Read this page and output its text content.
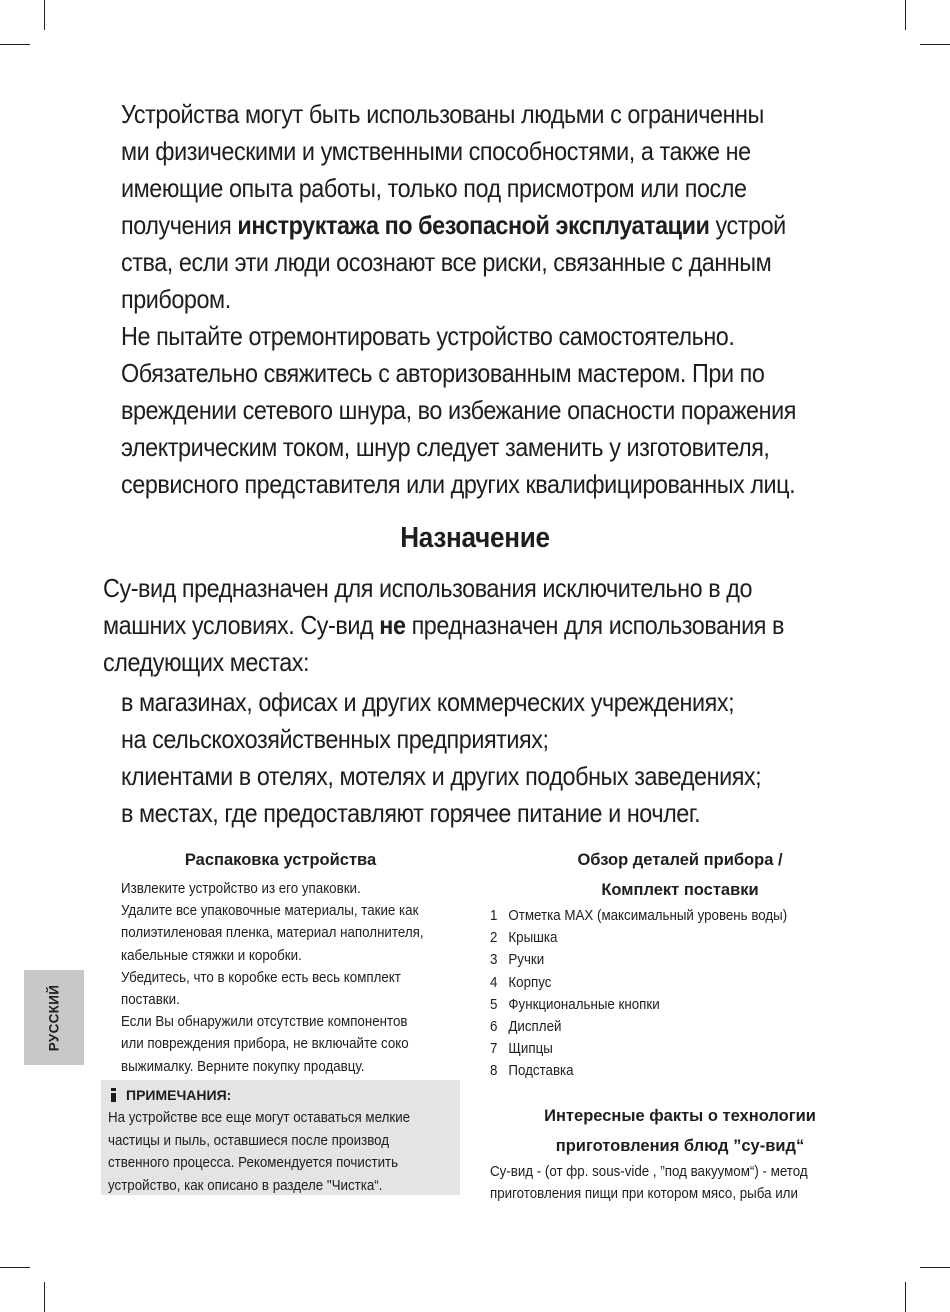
Устройства могут быть использованы людьми с ограниченны
ми физическими и умственными способностями, а также не
имеющие опыта работы, только под присмотром или после
получения инструктажа по безопасной эксплуатации устрой
ства, если эти люди осознают все риски, связанные с данным
прибором.
Не пытайте отремонтировать устройство самостоятельно.
Обязательно свяжитесь с авторизованным мастером. При по
вреждении сетевого шнура, во избежание опасности поражения
электрическим током, шнур следует заменить у изготовителя,
сервисного представителя или других квалифицированных лиц.
Назначение
Су-вид предназначен для использования исключительно в до
машних условиях. Су-вид не предназначен для использования в
следующих местах:
в магазинах, офисах и других коммерческих учреждениях;
на сельскохозяйственных предприятиях;
клиентами в отелях, мотелях и других подобных заведениях;
в местах, где предоставляют горячее питание и ночлег.
РУССКИЙ
Распаковка устройства
Извлеките устройство из его упаковки.
Удалите все упаковочные материалы, такие как
полиэтиленовая пленка, материал наполнителя,
кабельные стяжки и коробки.
Убедитесь, что в коробке есть весь комплект
поставки.
Если Вы обнаружили отсутствие компонентов
или повреждения прибора, не включайте соко
выжималку. Верните покупку продавцу.
ПРИМЕЧАНИЯ:
На устройстве все еще могут оставаться мелкие
частицы и пыль, оставшиеся после производ
ственного процесса. Рекомендуется почистить
устройство, как описано в разделе "Чистка“.
Обзор деталей прибора /
Комплект поставки
1 Отметка MAX (максимальный уровень воды)
2 Крышка
3 Ручки
4 Корпус
5 Функциональные кнопки
6 Дисплей
7 Щипцы
8 Подставка
Интересные факты о технологии
приготовления блюд ”су-вид“
Су-вид - (от фр. sous-vide , ”под вакуумом“) - метод
приготовления пищи при котором мясо, рыба или
